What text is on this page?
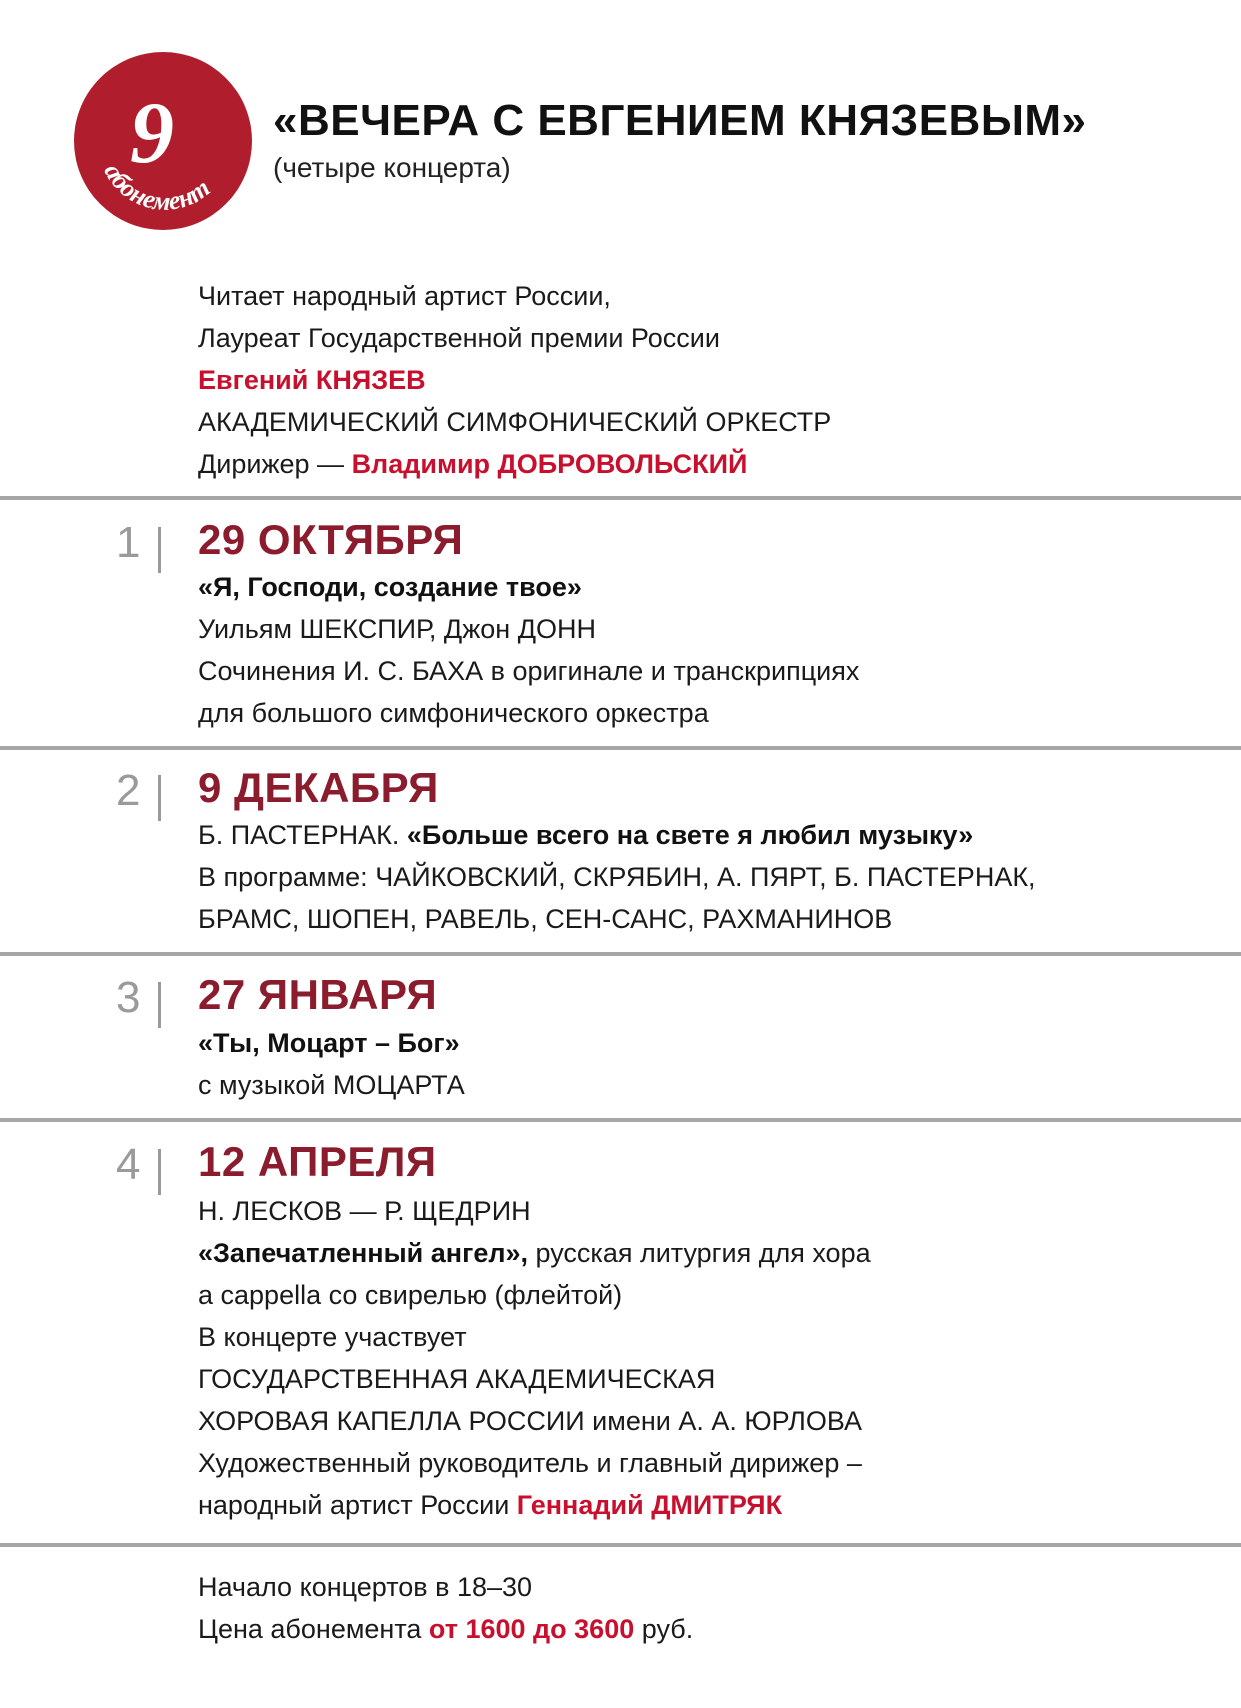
9
абонемент
«ВЕЧЕРА С ЕВГЕНИЕМ КНЯЗЕВЫМ»
(четыре концерта)
Читает народный артист России,
Лауреат Государственной премии России
Евгений КНЯЗЕВ
АКАДЕМИЧЕСКИЙ СИМФОНИЧЕСКИЙ ОРКЕСТР
Дирижер — Владимир ДОБРОВОЛЬСКИЙ
1 29 ОКТЯБРЯ
«Я, Господи, создание твое»
Уильям ШЕКСПИР, Джон ДОНН
Сочинения И. С. БАХА в оригинале и транскрипциях
для большого симфонического оркестра
2 9 ДЕКАБРЯ
Б. ПАСТЕРНАК. «Больше всего на свете я любил музыку»
В программе: ЧАЙКОВСКИЙ, СКРЯБИН, А. ПЯРТ, Б. ПАСТЕРНАК,
БРАМС, ШОПЕН, РАВЕЛЬ, СЕН-САНС, РАХМАНИНОВ
3 27 ЯНВАРЯ
«Ты, Моцарт – Бог»
с музыкой МОЦАРТА
4 12 АПРЕЛЯ
Н. ЛЕСКОВ — Р. ЩЕДРИН
«Запечатленный ангел», русская литургия для хора
a cappella со свирелью (флейтой)
В концерте участвует
ГОСУДАРСТВЕННАЯ АКАДЕМИЧЕСКАЯ
ХОРОВАЯ КАПЕЛЛА РОССИИ имени А. А. ЮРЛОВА
Художественный руководитель и главный дирижер –
народный артист России Геннадий ДМИТРЯК
Начало концертов в 18–30
Цена абонемента от 1600 до 3600 руб.
